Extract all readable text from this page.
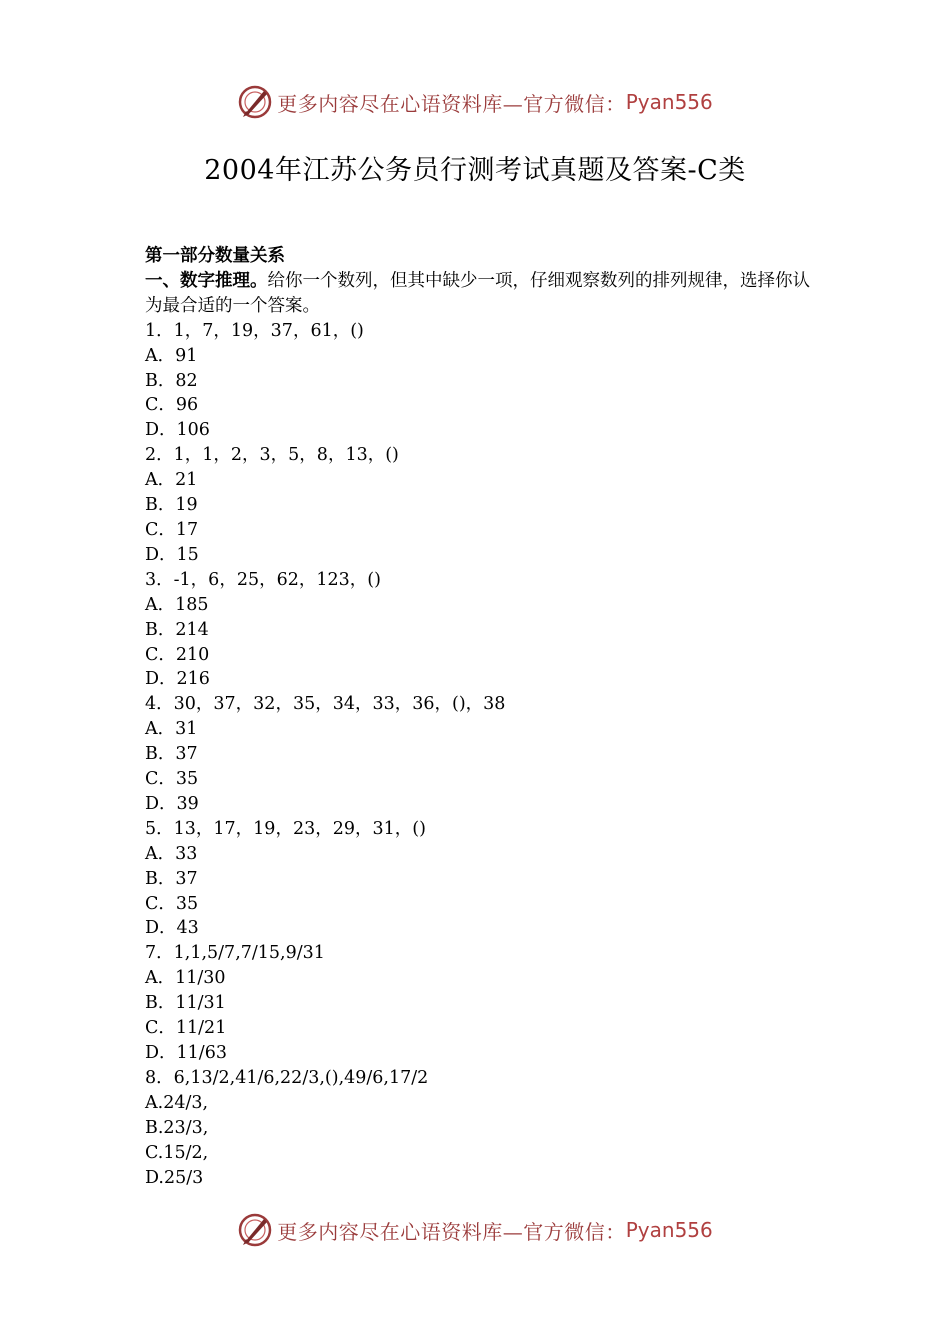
更多内容尽在心语资料库—官方微信： Pyan556
2004年江苏公务员行测考试真题及答案-C类
第一部分数量关系
一、数字推理。给你一个数列，但其中缺少一项，仔细观察数列的排列规律，选择你认为最合适的一个答案。
1．1，7，19，37，61，()
A．91
B．82
C．96
D．106
2．1，1，2，3，5，8，13，()
A．21
B．19
C．17
D．15
3．-1，6，25，62，123，()
A．185
B．214
C．210
D．216
4．30，37，32，35，34，33，36，()，38
A．31
B．37
C．35
D．39
5．13，17，19，23，29，31，()
A．33
B．37
C．35
D．43
7．1,1,5/7,7/15,9/31
A．11/30
B．11/31
C．11/21
D．11/63
8．6,13/2,41/6,22/3,(),49/6,17/2
A.24/3,
B.23/3,
C.15/2,
D.25/3
更多内容尽在心语资料库—官方微信： Pyan556
